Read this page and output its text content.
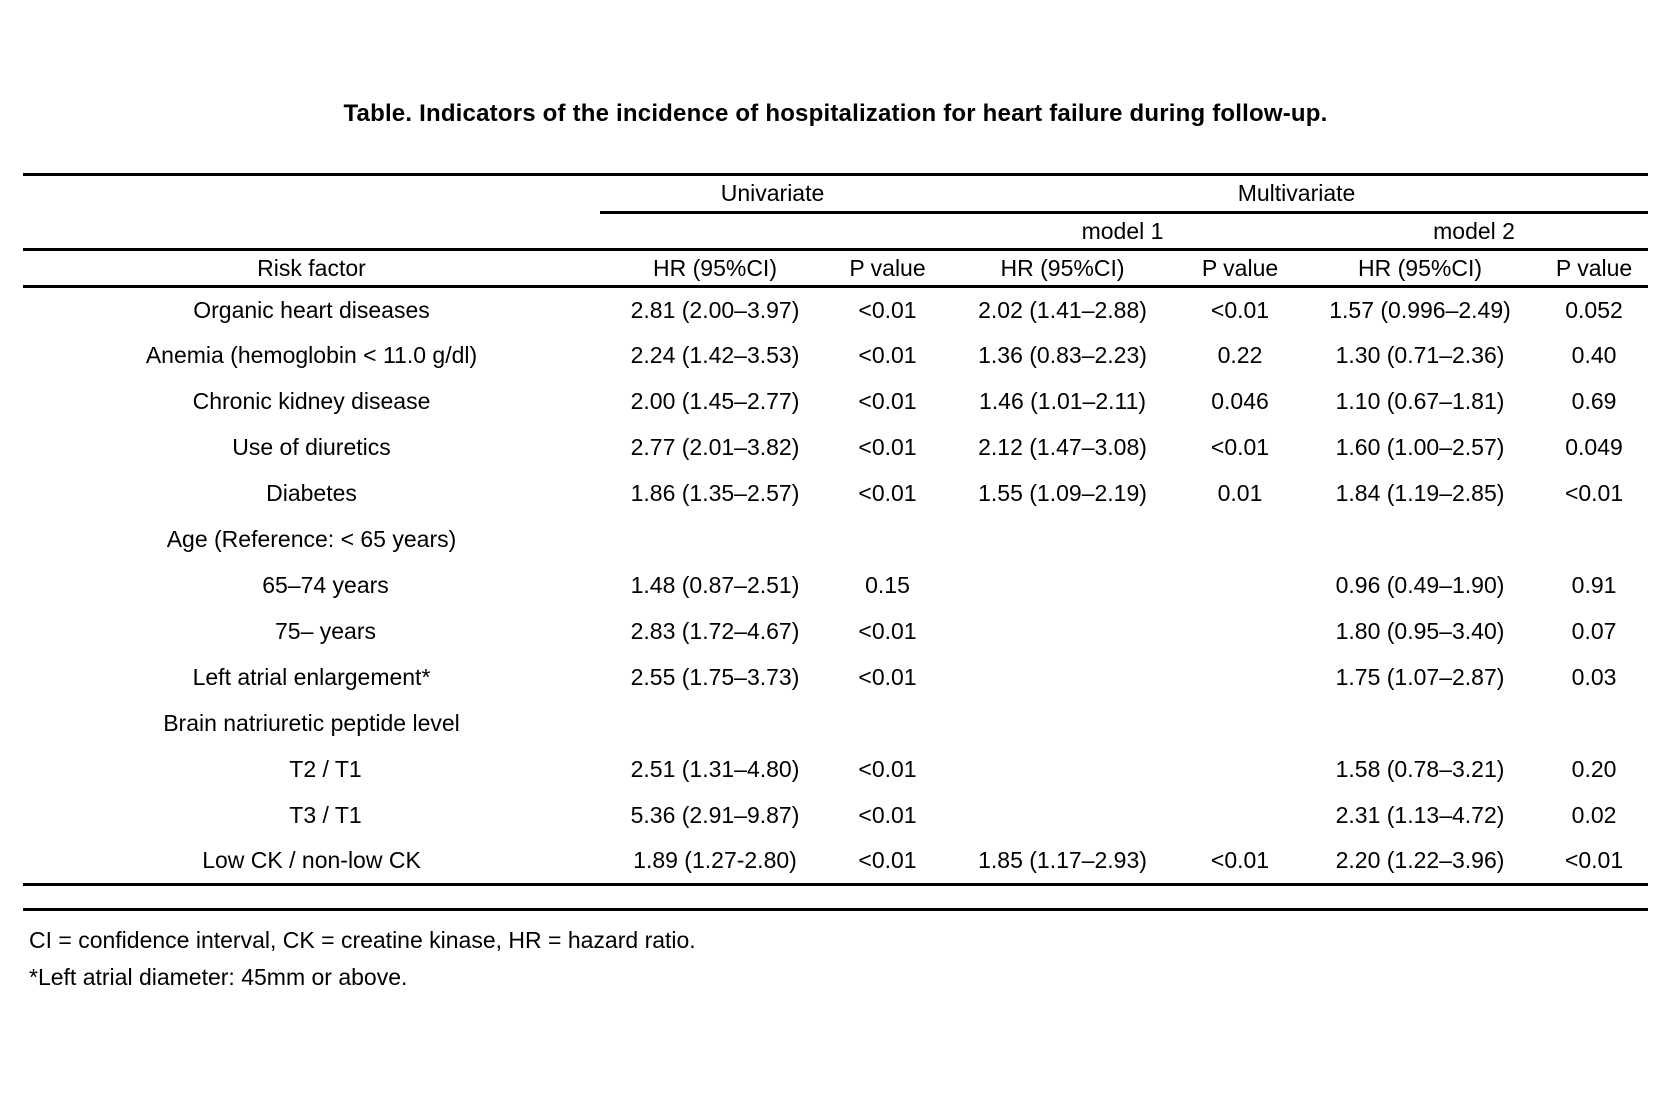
Table. Indicators of the incidence of hospitalization for heart failure during follow-up.
	Univariate		Multivariate			
			model 1		model 2	
Risk factor	HR (95%CI)	P value	HR (95%CI)	P value	HR (95%CI)	P value
Organic heart diseases	2.81 (2.00–3.97)	<0.01	2.02 (1.41–2.88)	<0.01	1.57 (0.996–2.49)	0.052
Anemia (hemoglobin < 11.0 g/dl)	2.24 (1.42–3.53)	<0.01	1.36 (0.83–2.23)	0.22	1.30 (0.71–2.36)	0.40
Chronic kidney disease	2.00 (1.45–2.77)	<0.01	1.46 (1.01–2.11)	0.046	1.10 (0.67–1.81)	0.69
Use of diuretics	2.77 (2.01–3.82)	<0.01	2.12 (1.47–3.08)	<0.01	1.60 (1.00–2.57)	0.049
Diabetes	1.86 (1.35–2.57)	<0.01	1.55 (1.09–2.19)	0.01	1.84 (1.19–2.85)	<0.01
Age (Reference: < 65 years)						
65–74 years	1.48 (0.87–2.51)	0.15			0.96 (0.49–1.90)	0.91
75– years	2.83 (1.72–4.67)	<0.01			1.80 (0.95–3.40)	0.07
Left atrial enlargement*	2.55 (1.75–3.73)	<0.01			1.75 (1.07–2.87)	0.03
Brain natriuretic peptide level						
T2 / T1	2.51 (1.31–4.80)	<0.01			1.58 (0.78–3.21)	0.20
T3 / T1	5.36 (2.91–9.87)	<0.01			2.31 (1.13–4.72)	0.02
Low CK / non-low CK	1.89 (1.27-2.80)	<0.01	1.85 (1.17–2.93)	<0.01	2.20 (1.22–3.96)	<0.01
CI = confidence interval, CK = creatine kinase, HR = hazard ratio.
*Left atrial diameter: 45mm or above.
